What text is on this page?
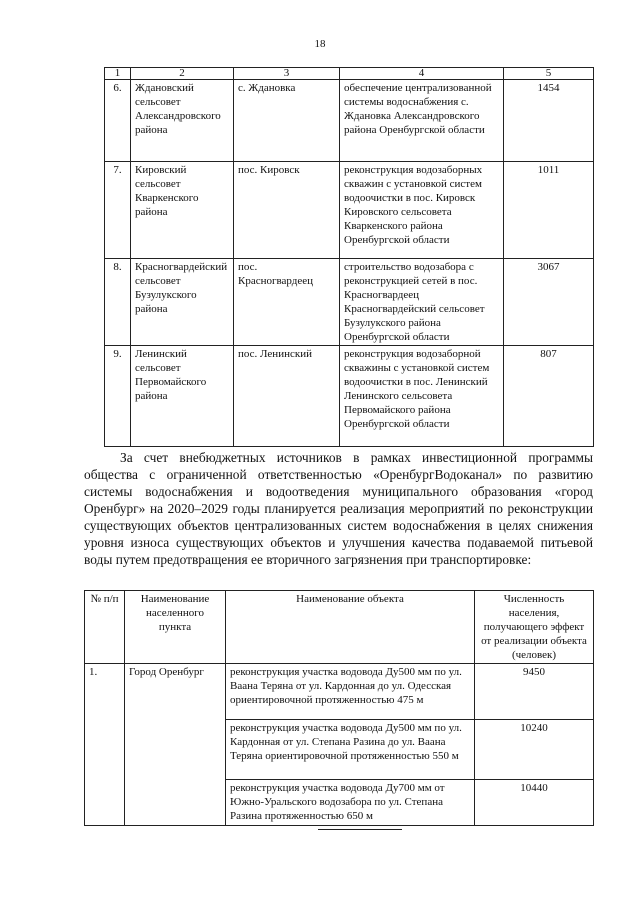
18
1	2	3	4	5
6.	Ждановский сельсовет Александровского района	с. Ждановка	обеспечение централизованной системы водоснабжения с. Ждановка Александровского района Оренбургской области	1454
7.	Кировский сельсовет Кваркенского района	пос. Кировск	реконструкция водозаборных скважин с установкой систем водоочистки в пос. Кировск Кировского сельсовета Кваркенского района Оренбургской области	1011
8.	Красногвардейский сельсовет Бузулукского района	пос. Красногвардеец	строительство водозабора с реконструкцией сетей в пос. Красногвардеец Красногвардейский сельсовет Бузулукского района Оренбургской области	3067
9.	Ленинский сельсовет Первомайского района	пос. Ленинский	реконструкция водозаборной скважины с установкой систем водоочистки в пос. Ленинский Ленинского сельсовета Первомайского района Оренбургской области	807

За счет внебюджетных источников в рамках инвестиционной программы общества с ограниченной ответственностью «ОренбургВодоканал» по развитию системы водоснабжения и водоотведения муниципального образования «город Оренбург» на 2020–2029 годы планируется реализация мероприятий по реконструкции существующих объектов централизованных систем водоснабжения в целях снижения уровня износа существующих объектов и улучшения качества подаваемой питьевой воды путем предотвращения ее вторичного загрязнения при транспортировке:

№ п/п	Наименование населенного пункта	Наименование объекта	Численность населения, получающего эффект от реализации объекта (человек)
1.	Город Оренбург	реконструкция участка водовода Ду500 мм по ул. Ваана Теряна от ул. Кардонная до ул. Одесская ориентировочной протяженностью 475 м	9450
		реконструкция участка водовода Ду500 мм по ул. Кардонная от ул. Степана Разина до ул. Ваана Теряна ориентировочной протяженностью 550 м	10240
		реконструкция участка водовода Ду700 мм от Южно-Уральского водозабора по ул. Степана Разина протяженностью 650 м	10440
